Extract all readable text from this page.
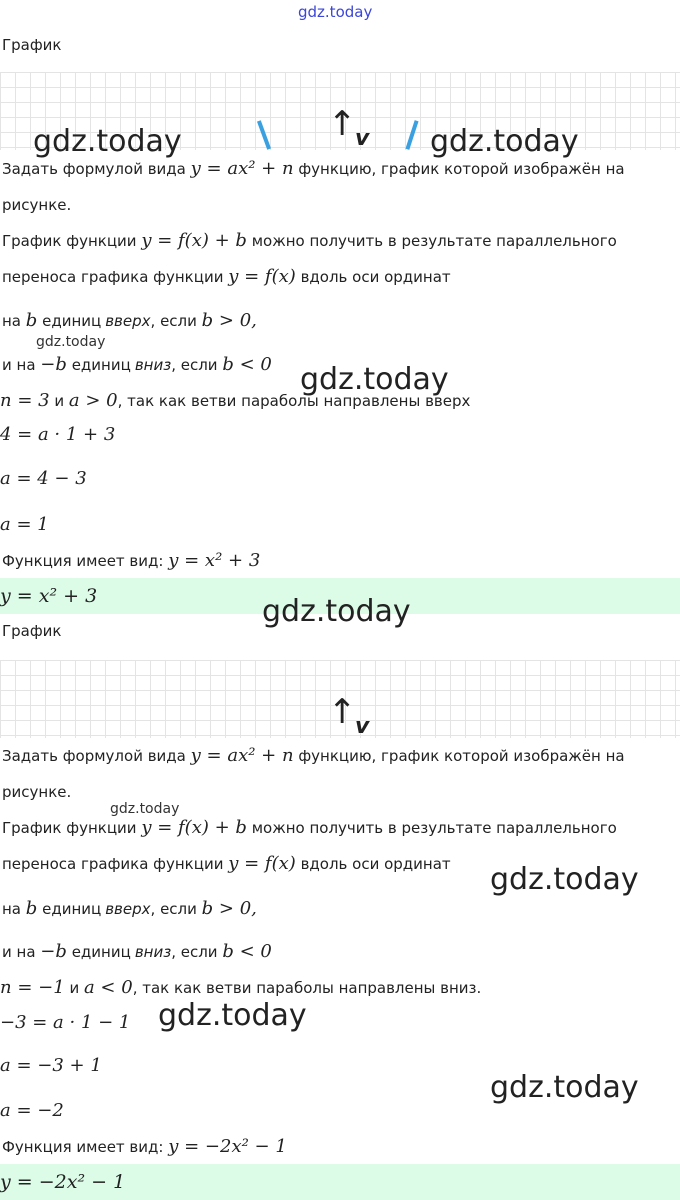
gdz.today
График
↑
v
Задать формулой вида y = ax² + n функцию, график которой изображён на
рисунке.
График функции y = f(x) + b можно получить в результате параллельного
переноса графика функции y = f(x) вдоль оси ординат
на b единиц вверх, если b > 0,
и на −b единиц вниз, если b < 0
n = 3 и a > 0, так как ветви параболы направлены вверх
4 = a · 1 + 3
a = 4 − 3
a = 1
Функция имеет вид: y = x² + 3
y = x² + 3
График
↑
v
Задать формулой вида y = ax² + n функцию, график которой изображён на
рисунке.
График функции y = f(x) + b можно получить в результате параллельного
переноса графика функции y = f(x) вдоль оси ординат
на b единиц вверх, если b > 0,
и на −b единиц вниз, если b < 0
n = −1 и a < 0, так как ветви параболы направлены вниз.
−3 = a · 1 − 1
a = −3 + 1
a = −2
Функция имеет вид: y = −2x² − 1
y = −2x² − 1
gdz.today	gdz.today
gdz.today
gdz.today
gdz.today
gdz.today
gdz.today
gdz.today
gdz.today
